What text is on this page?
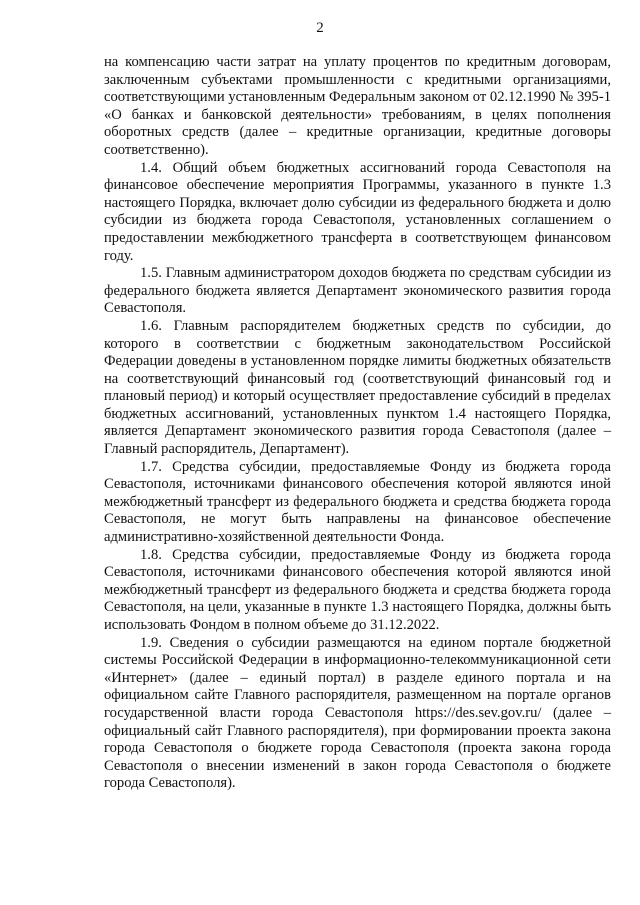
2

на компенсацию части затрат на уплату процентов по кредитным договорам, заключенным субъектами промышленности с кредитными организациями, соответствующими установленным Федеральным законом от 02.12.1990 № 395-1 «О банках и банковской деятельности» требованиям, в целях пополнения оборотных средств (далее – кредитные организации, кредитные договоры соответственно).

1.4. Общий объем бюджетных ассигнований города Севастополя на финансовое обеспечение мероприятия Программы, указанного в пункте 1.3 настоящего Порядка, включает долю субсидии из федерального бюджета и долю субсидии из бюджета города Севастополя, установленных соглашением о предоставлении межбюджетного трансферта в соответствующем финансовом году.

1.5. Главным администратором доходов бюджета по средствам субсидии из федерального бюджета является Департамент экономического развития города Севастополя.

1.6. Главным распорядителем бюджетных средств по субсидии, до которого в соответствии с бюджетным законодательством Российской Федерации доведены в установленном порядке лимиты бюджетных обязательств на соответствующий финансовый год (соответствующий финансовый год и плановый период) и который осуществляет предоставление субсидий в пределах бюджетных ассигнований, установленных пунктом 1.4 настоящего Порядка, является Департамент экономического развития города Севастополя (далее – Главный распорядитель, Департамент).

1.7. Средства субсидии, предоставляемые Фонду из бюджета города Севастополя, источниками финансового обеспечения которой являются иной межбюджетный трансферт из федерального бюджета и средства бюджета города Севастополя, не могут быть направлены на финансовое обеспечение административно-хозяйственной деятельности Фонда.

1.8. Средства субсидии, предоставляемые Фонду из бюджета города Севастополя, источниками финансового обеспечения которой являются иной межбюджетный трансферт из федерального бюджета и средства бюджета города Севастополя, на цели, указанные в пункте 1.3 настоящего Порядка, должны быть использовать Фондом в полном объеме до 31.12.2022.

1.9. Сведения о субсидии размещаются на едином портале бюджетной системы Российской Федерации в информационно-телекоммуникационной сети «Интернет» (далее – единый портал) в разделе единого портала и на официальном сайте Главного распорядителя, размещенном на портале органов государственной власти города Севастополя https://des.sev.gov.ru/ (далее – официальный сайт Главного распорядителя), при формировании проекта закона города Севастополя о бюджете города Севастополя (проекта закона города Севастополя о внесении изменений в закон города Севастополя о бюджете города Севастополя).
